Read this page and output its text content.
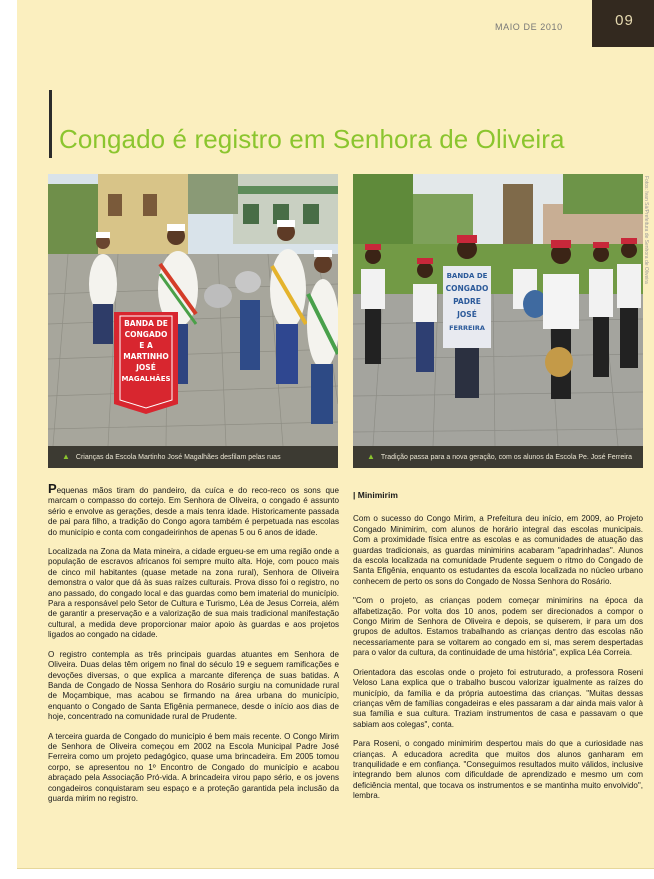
MAIO DE 2010	09
Congado é registro em Senhora de Oliveira
BANDA DE
CONGADO
E A
MARTINHO
JOSÉ
MAGALHÃES
▲ Crianças da Escola Martinho José Magalhães desfilam pelas ruas
BANDA DE
CONGADO
PADRE
JOSÉ
FERREIRA
Fotos: Ivan Sá/Prefeitura de Senhora de Oliveira
▲ Tradição passa para a nova geração, com os alunos da Escola Pe. José Ferreira

Pequenas mãos tiram do pandeiro, da cuíca e do reco-reco os sons que marcam o compasso do cortejo. Em Senhora de Oliveira, o congado é assunto sério e envolve as gerações, desde a mais tenra idade. Historicamente passada de pai para filho, a tradição do Congo agora também é perpetuada nas escolas do município e conta com congadeirinhos de apenas 5 ou 6 anos de idade.

Localizada na Zona da Mata mineira, a cidade ergueu-se em uma região onde a população de escravos africanos foi sempre muito alta. Hoje, com pouco mais de cinco mil habitantes (quase metade na zona rural), Senhora de Oliveira demonstra o valor que dá às suas raízes culturais. Prova disso foi o registro, no ano passado, do congado local e das guardas como bem imaterial do município. Para a responsável pelo Setor de Cultura e Turismo, Léa de Jesus Correia, além de garantir a preservação e a valorização de sua mais tradicional manifestação cultural, a medida deve proporcionar maior apoio às guardas e aos projetos ligados ao congado na cidade.

O registro contempla as três principais guardas atuantes em Senhora de Oliveira. Duas delas têm origem no final do século 19 e seguem ramificações e devoções diversas, o que explica a marcante diferença de suas batidas. A Banda de Congado de Nossa Senhora do Rosário surgiu na comunidade rural de Moçambique, mas acabou se firmando na área urbana do município, enquanto o Congado de Santa Efigênia permanece, desde o início aos dias de hoje, concentrado na comunidade rural de Prudente.

A terceira guarda de Congado do município é bem mais recente. O Congo Mirim de Senhora de Oliveira começou em 2002 na Escola Municipal Padre José Ferreira como um projeto pedagógico, quase uma brincadeira. Em 2005 tomou corpo, se apresentou no 1º Encontro de Congado do município e acabou abraçado pela Associação Pró-vida. A brincadeira virou papo sério, e os jovens congadeiros conquistaram seu espaço e a proteção garantida pela inclusão da guarda mirim no registro.

| Minimirim

Com o sucesso do Congo Mirim, a Prefeitura deu início, em 2009, ao Projeto Congado Minimirim, com alunos de horário integral das escolas municipais. Com a proximidade física entre as escolas e as comunidades de atuação das guardas tradicionais, as guardas minimirins acabaram "apadrinhadas". Alunos da escola localizada na comunidade Prudente seguem o ritmo do Congado de Santa Efigênia, enquanto os estudantes da escola localizada no núcleo urbano conhecem de perto os sons do Congado de Nossa Senhora do Rosário.

"Com o projeto, as crianças podem começar minimirins na época da alfabetização. Por volta dos 10 anos, podem ser direcionados a compor o Congo Mirim de Senhora de Oliveira e depois, se quiserem, ir para um dos grupos de adultos. Estamos trabalhando as crianças dentro das escolas não necessariamente para se voltarem ao congado em si, mas serem despertadas para o valor da cultura, da continuidade de uma história", explica Léa Correia.

Orientadora das escolas onde o projeto foi estruturado, a professora Roseni Veloso Lana explica que o trabalho buscou valorizar igualmente as raízes do município, da família e da própria autoestima das crianças. "Muitas dessas crianças vêm de famílias congadeiras e eles passaram a dar ainda mais valor à sua família e sua cultura. Traziam instrumentos de casa e passavam o que sabiam aos colegas", conta.

Para Roseni, o congado minimirim despertou mais do que a curiosidade nas crianças. A educadora acredita que muitos dos alunos ganharam em tranquilidade e em confiança. "Conseguimos resultados muito válidos, inclusive integrando bem alunos com dificuldade de aprendizado e mesmo um com deficiência mental, que tocava os instrumentos e se mantinha muito envolvido", lembra.
